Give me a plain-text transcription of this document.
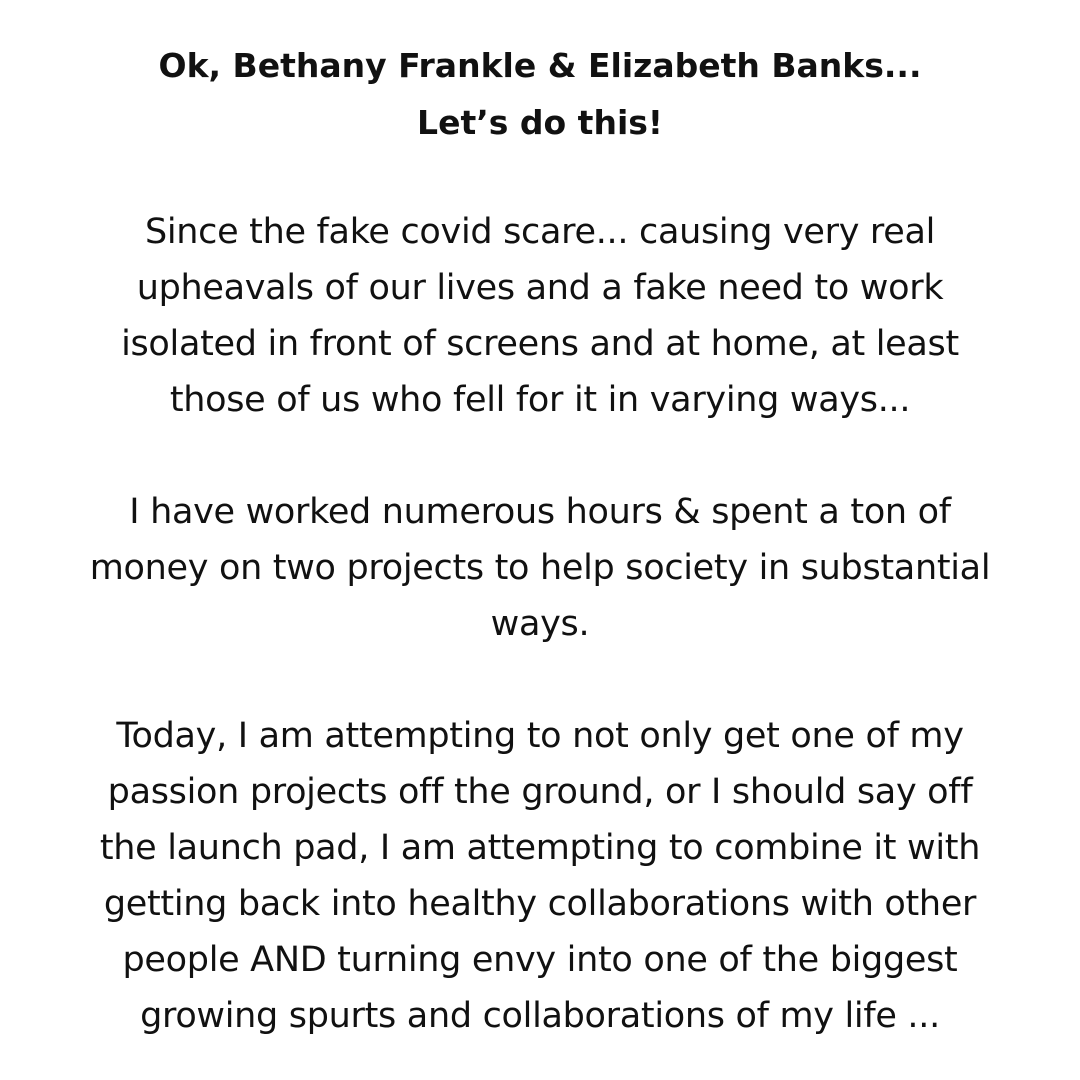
Ok, Bethany Frankle & Elizabeth Banks...
Let’s do this!
Since the fake covid scare... causing very real
upheavals of our lives and a fake need to work
isolated in front of screens and at home, at least
those of us who fell for it in varying ways...
I have worked numerous hours & spent a ton of
money on two projects to help society in substantial
ways.
Today, I am attempting to not only get one of my
passion projects off the ground, or I should say off
the launch pad, I am attempting to combine it with
getting back into healthy collaborations with other
people AND turning envy into one of the biggest
growing spurts and collaborations of my life ...
